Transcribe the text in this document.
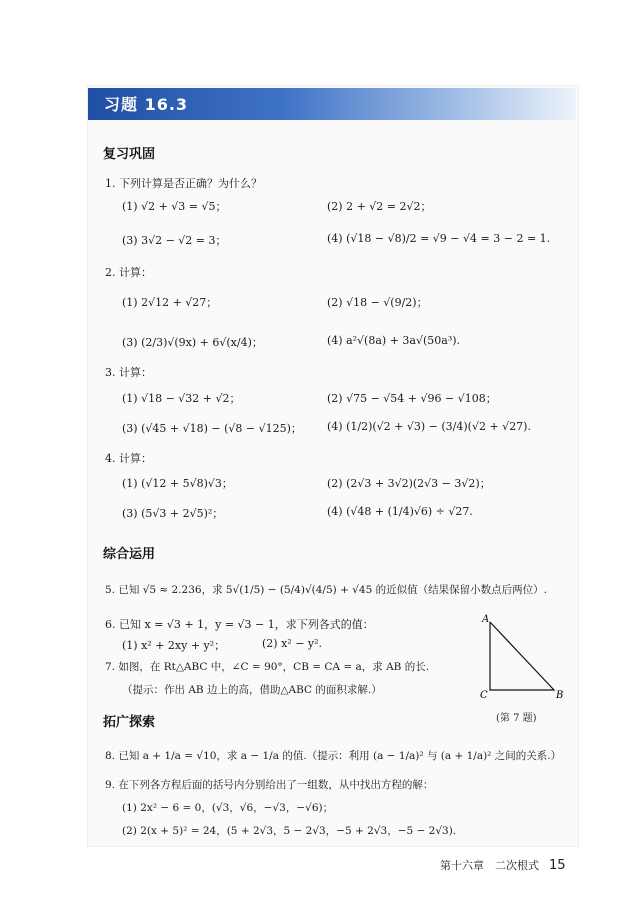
习题 16.3
复习巩固
1. 下列计算是否正确？为什么？
(1) √2 + √3 = √5；	(2) 2 + √2 = 2√2；
(3) 3√2 − √2 = 3；	(4) (√18 − √8)/2 = √9 − √4 = 3 − 2 = 1.
2. 计算：
(1) 2√12 + √27；	(2) √18 − √(9/2)；
(3) (2/3)√(9x) + 6√(x/4)；	(4) a²√(8a) + 3a√(50a³).
3. 计算：
(1) √18 − √32 + √2；	(2) √75 − √54 + √96 − √108；
(3) (√45 + √18) − (√8 − √125)； (4) (1/2)(√2 + √3) − (3/4)(√2 + √27).
4. 计算：
(1) (√12 + 5√8)√3；	(2) (2√3 + 3√2)(2√3 − 3√2)；
(3) (5√3 + 2√5)²；	(4) (√48 + (1/4)√6) ÷ √27.
综合运用
5. 已知 √5 ≈ 2.236，求 5√(1/5) − (5/4)√(4/5) + √45 的近似值（结果保留小数点后两位）.
6. 已知 x = √3 + 1，y = √3 − 1，求下列各式的值：
(1) x² + 2xy + y²；	(2) x² − y².
7. 如图，在 Rt△ABC 中，∠C = 90°，CB = CA = a，求 AB 的长.
（提示：作出 AB 边上的高，借助△ABC 的面积求解.）
A
C	B
(第 7 题)
拓广探索
8. 已知 a + 1/a = √10，求 a − 1/a 的值.（提示：利用 (a − 1/a)² 与 (a + 1/a)² 之间的关系.）
9. 在下列各方程后面的括号内分别给出了一组数，从中找出方程的解：
(1) 2x² − 6 = 0，(√3，√6，−√3，−√6)；
(2) 2(x + 5)² = 24，(5 + 2√3，5 − 2√3，−5 + 2√3，−5 − 2√3).
第十六章　二次根式 15
